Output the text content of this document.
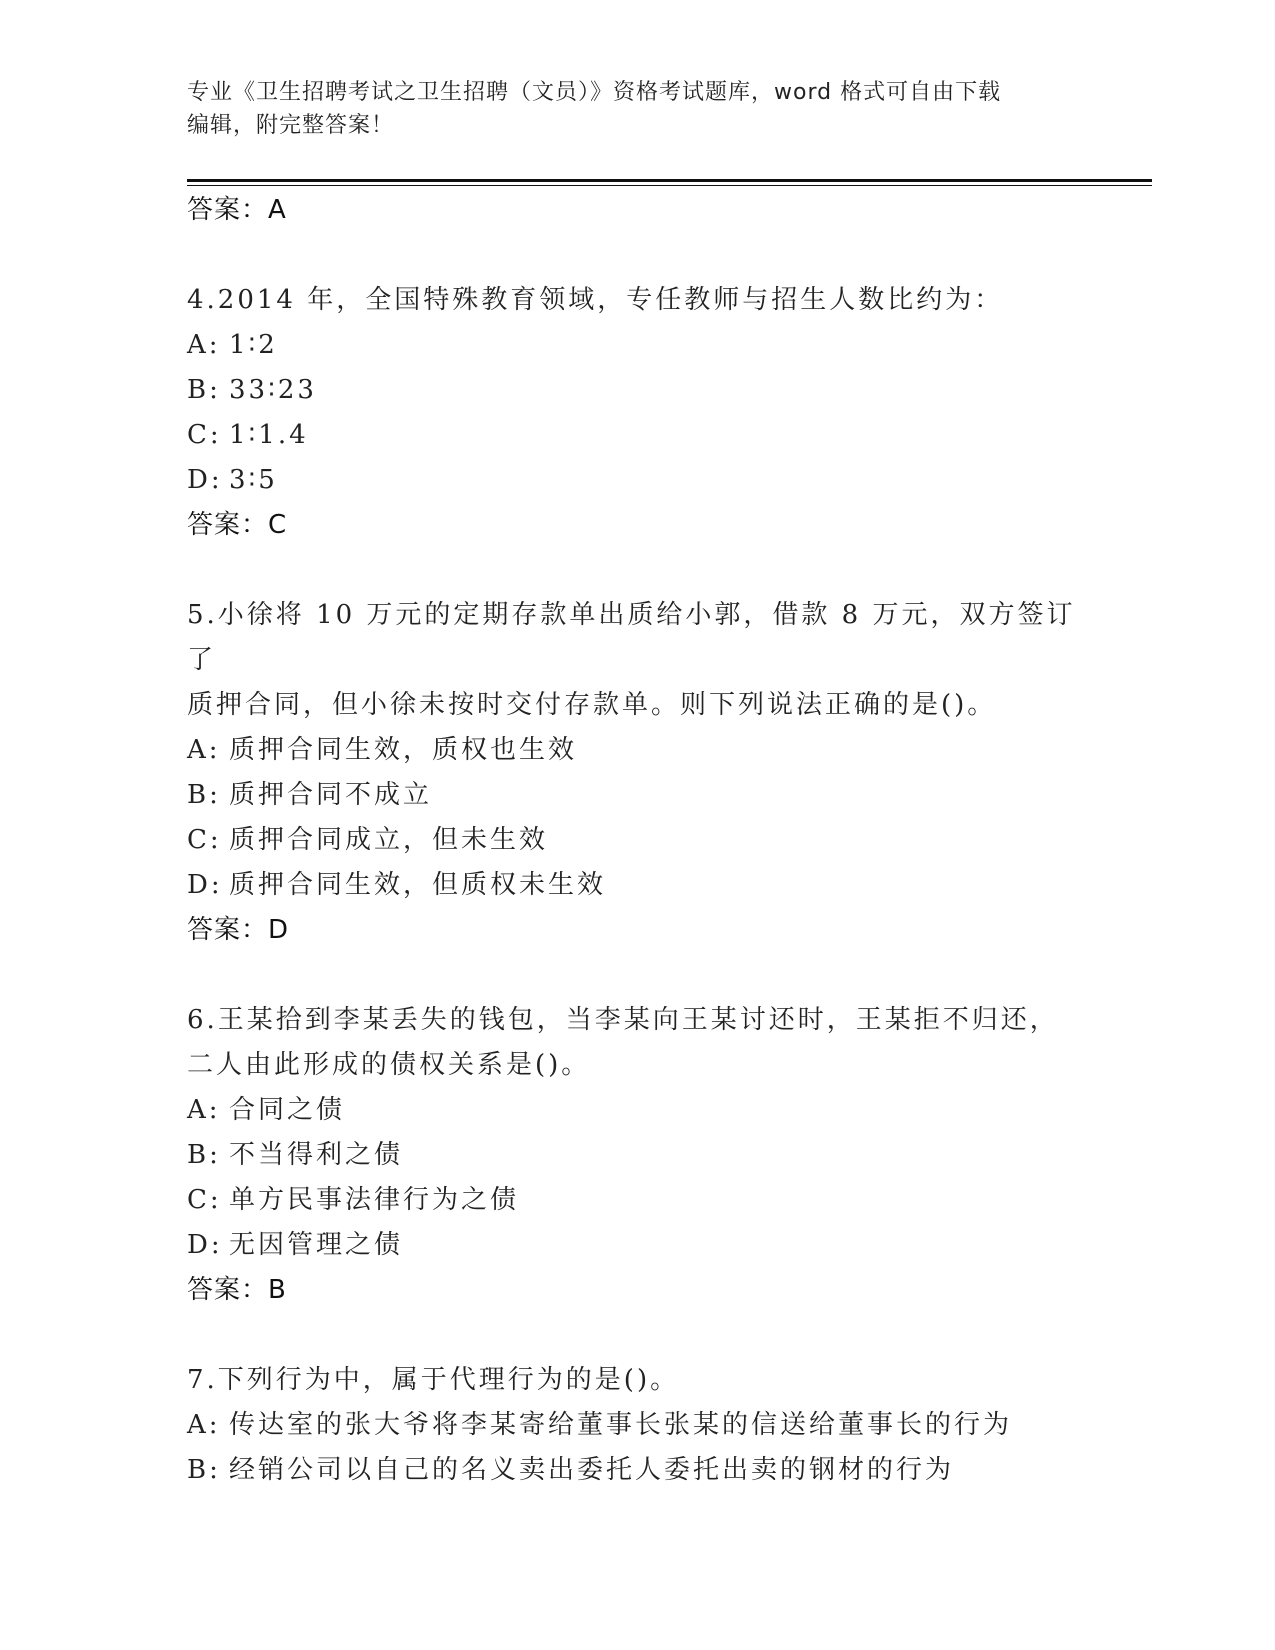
专业《卫生招聘考试之卫生招聘（文员）》资格考试题库，word 格式可自由下载
编辑，附完整答案！
答案：A
4.2014 年，全国特殊教育领域，专任教师与招生人数比约为：
A: 1∶2
B: 33∶23
C: 1∶1.4
D: 3∶5
答案：C
5.小徐将 10 万元的定期存款单出质给小郭，借款 8 万元，双方签订了
质押合同，但小徐未按时交付存款单。则下列说法正确的是()。
A: 质押合同生效，质权也生效
B: 质押合同不成立
C: 质押合同成立，但未生效
D: 质押合同生效，但质权未生效
答案：D
6.王某拾到李某丢失的钱包，当李某向王某讨还时，王某拒不归还，
二人由此形成的债权关系是()。
A: 合同之债
B: 不当得利之债
C: 单方民事法律行为之债
D: 无因管理之债
答案：B
7.下列行为中，属于代理行为的是()。
A: 传达室的张大爷将李某寄给董事长张某的信送给董事长的行为
B: 经销公司以自己的名义卖出委托人委托出卖的钢材的行为
